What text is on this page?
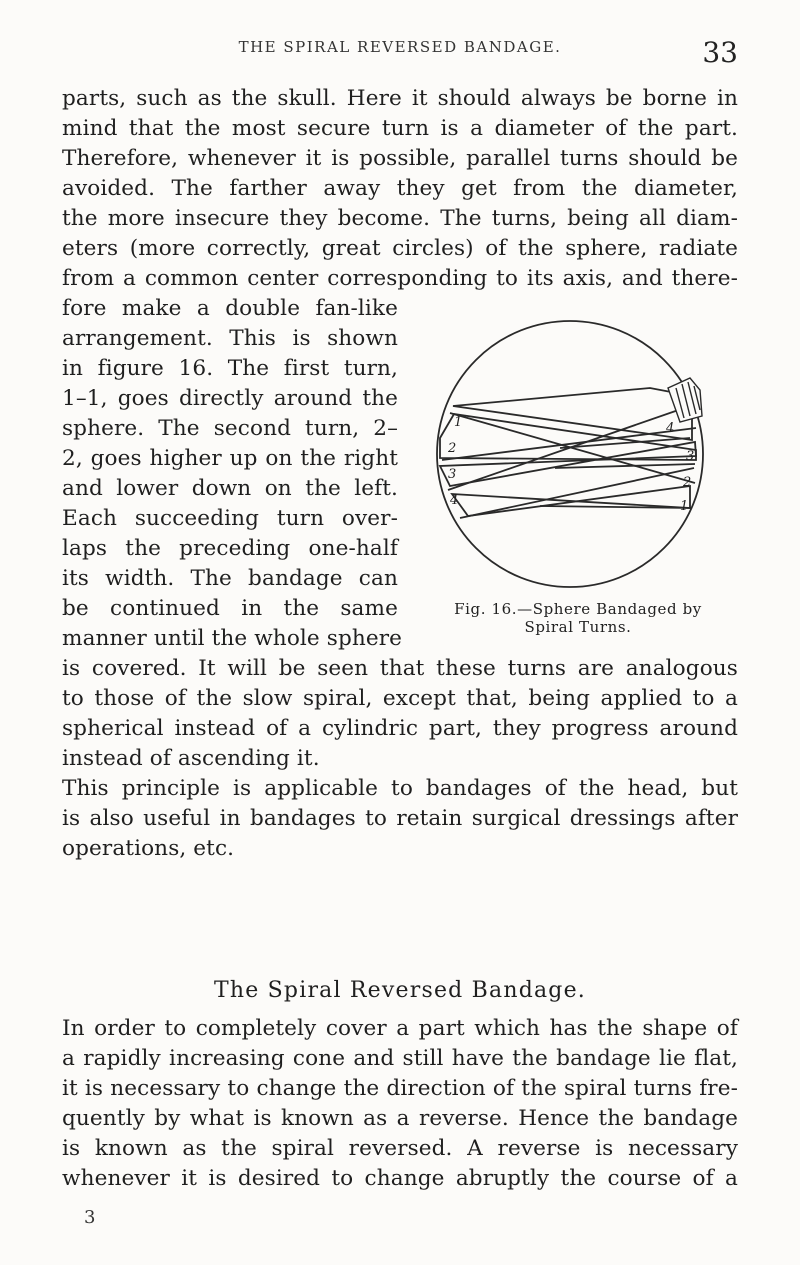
THE SPIRAL REVERSED BANDAGE.	33
parts, such as the skull. Here it should always be borne in
mind that the most secure turn is a diameter of the part.
Therefore, whenever it is possible, parallel turns should be
avoided. The farther away they get from the diameter,
the more insecure they become. The turns, being all diam-
eters (more correctly, great circles) of the sphere, radiate
from a common center corresponding to its axis, and there-
fore make a double fan-like
arrangement. This is shown
in figure 16. The first turn,
1–1, goes directly around the
sphere. The second turn, 2–
2, goes higher up on the right
and lower down on the left.
Each succeeding turn over-
laps the preceding one-half
its width. The bandage can
be continued in the same
manner until the whole sphere
is covered. It will be seen that these turns are analogous
to those of the slow spiral, except that, being applied to a
spherical instead of a cylindric part, they progress around
instead of ascending it.
This principle is applicable to bandages of the head, but
is also useful in bandages to retain surgical dressings after
operations, etc.
1
2
3
4
4
3
2
1
Fig. 16.—Sphere Bandaged by
Spiral Turns.
The Spiral Reversed Bandage.
In order to completely cover a part which has the shape of
a rapidly increasing cone and still have the bandage lie flat,
it is necessary to change the direction of the spiral turns fre-
quently by what is known as a reverse. Hence the bandage
is known as the spiral reversed. A reverse is necessary
whenever it is desired to change abruptly the course of a
3
